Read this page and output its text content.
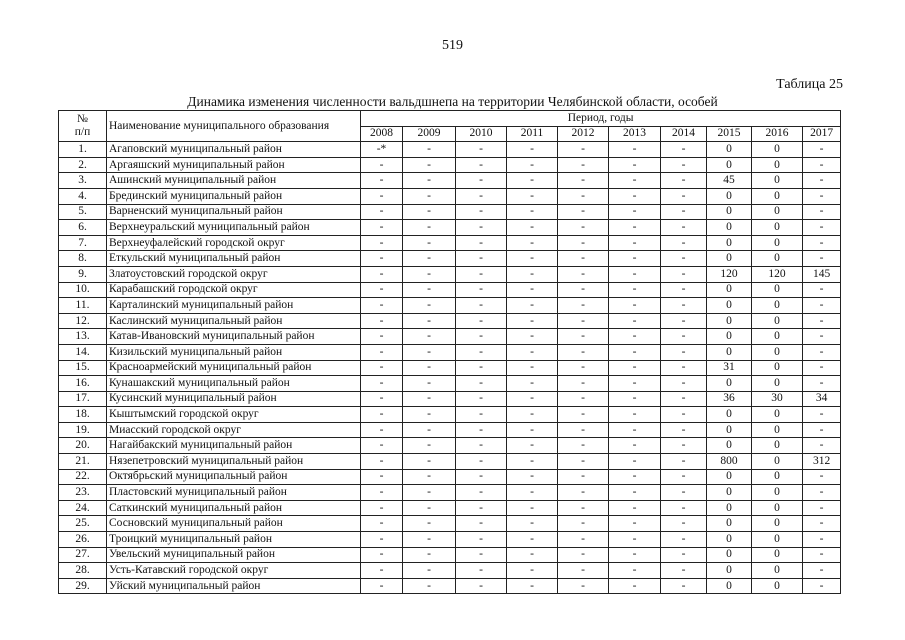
519
Таблица 25
Динамика изменения численности вальдшнепа на территории Челябинской области, особей
№
п/п	Наименование муниципального образования	Период, годы									
		2008	2009	2010	2011	2012	2013	2014	2015	2016	2017
1.	Агаповский муниципальный район	-*	-	-	-	-	-	-	0	0	-
2.	Аргаяшский муниципальный район	-	-	-	-	-	-	-	0	0	-
3.	Ашинский муниципальный район	-	-	-	-	-	-	-	45	0	-
4.	Брединский муниципальный район	-	-	-	-	-	-	-	0	0	-
5.	Варненский муниципальный район	-	-	-	-	-	-	-	0	0	-
6.	Верхнеуральский муниципальный район	-	-	-	-	-	-	-	0	0	-
7.	Верхнеуфалейский городской округ	-	-	-	-	-	-	-	0	0	-
8.	Еткульский муниципальный район	-	-	-	-	-	-	-	0	0	-
9.	Златоустовский городской округ	-	-	-	-	-	-	-	120	120	145
10.	Карабашский городской округ	-	-	-	-	-	-	-	0	0	-
11.	Карталинский муниципальный район	-	-	-	-	-	-	-	0	0	-
12.	Каслинский муниципальный район	-	-	-	-	-	-	-	0	0	-
13.	Катав-Ивановский муниципальный район	-	-	-	-	-	-	-	0	0	-
14.	Кизильский муниципальный район	-	-	-	-	-	-	-	0	0	-
15.	Красноармейский муниципальный район	-	-	-	-	-	-	-	31	0	-
16.	Кунашакский муниципальный район	-	-	-	-	-	-	-	0	0	-
17.	Кусинский муниципальный район	-	-	-	-	-	-	-	36	30	34
18.	Кыштымский городской округ	-	-	-	-	-	-	-	0	0	-
19.	Миасский городской округ	-	-	-	-	-	-	-	0	0	-
20.	Нагайбакский муниципальный район	-	-	-	-	-	-	-	0	0	-
21.	Нязепетровский муниципальный район	-	-	-	-	-	-	-	800	0	312
22.	Октябрьский муниципальный район	-	-	-	-	-	-	-	0	0	-
23.	Пластовский муниципальный район	-	-	-	-	-	-	-	0	0	-
24.	Саткинский муниципальный район	-	-	-	-	-	-	-	0	0	-
25.	Сосновский муниципальный район	-	-	-	-	-	-	-	0	0	-
26.	Троицкий муниципальный район	-	-	-	-	-	-	-	0	0	-
27.	Увельский муниципальный район	-	-	-	-	-	-	-	0	0	-
28.	Усть-Катавский городской округ	-	-	-	-	-	-	-	0	0	-
29.	Уйский муниципальный район	-	-	-	-	-	-	-	0	0	-
